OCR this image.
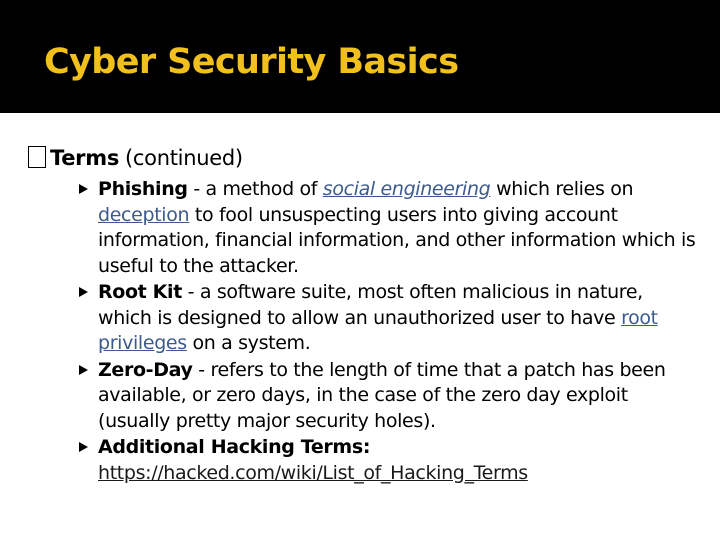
Cyber Security Basics
Terms (continued)
Phishing - a method of social engineering which relies on deception to fool unsuspecting users into giving account information, financial information, and other information which is useful to the attacker.
Root Kit - a software suite, most often malicious in nature, which is designed to allow an unauthorized user to have root privileges on a system.
Zero-Day - refers to the length of time that a patch has been available, or zero days, in the case of the zero day exploit (usually pretty major security holes).
Additional Hacking Terms: https://hacked.com/wiki/List_of_Hacking_Terms
